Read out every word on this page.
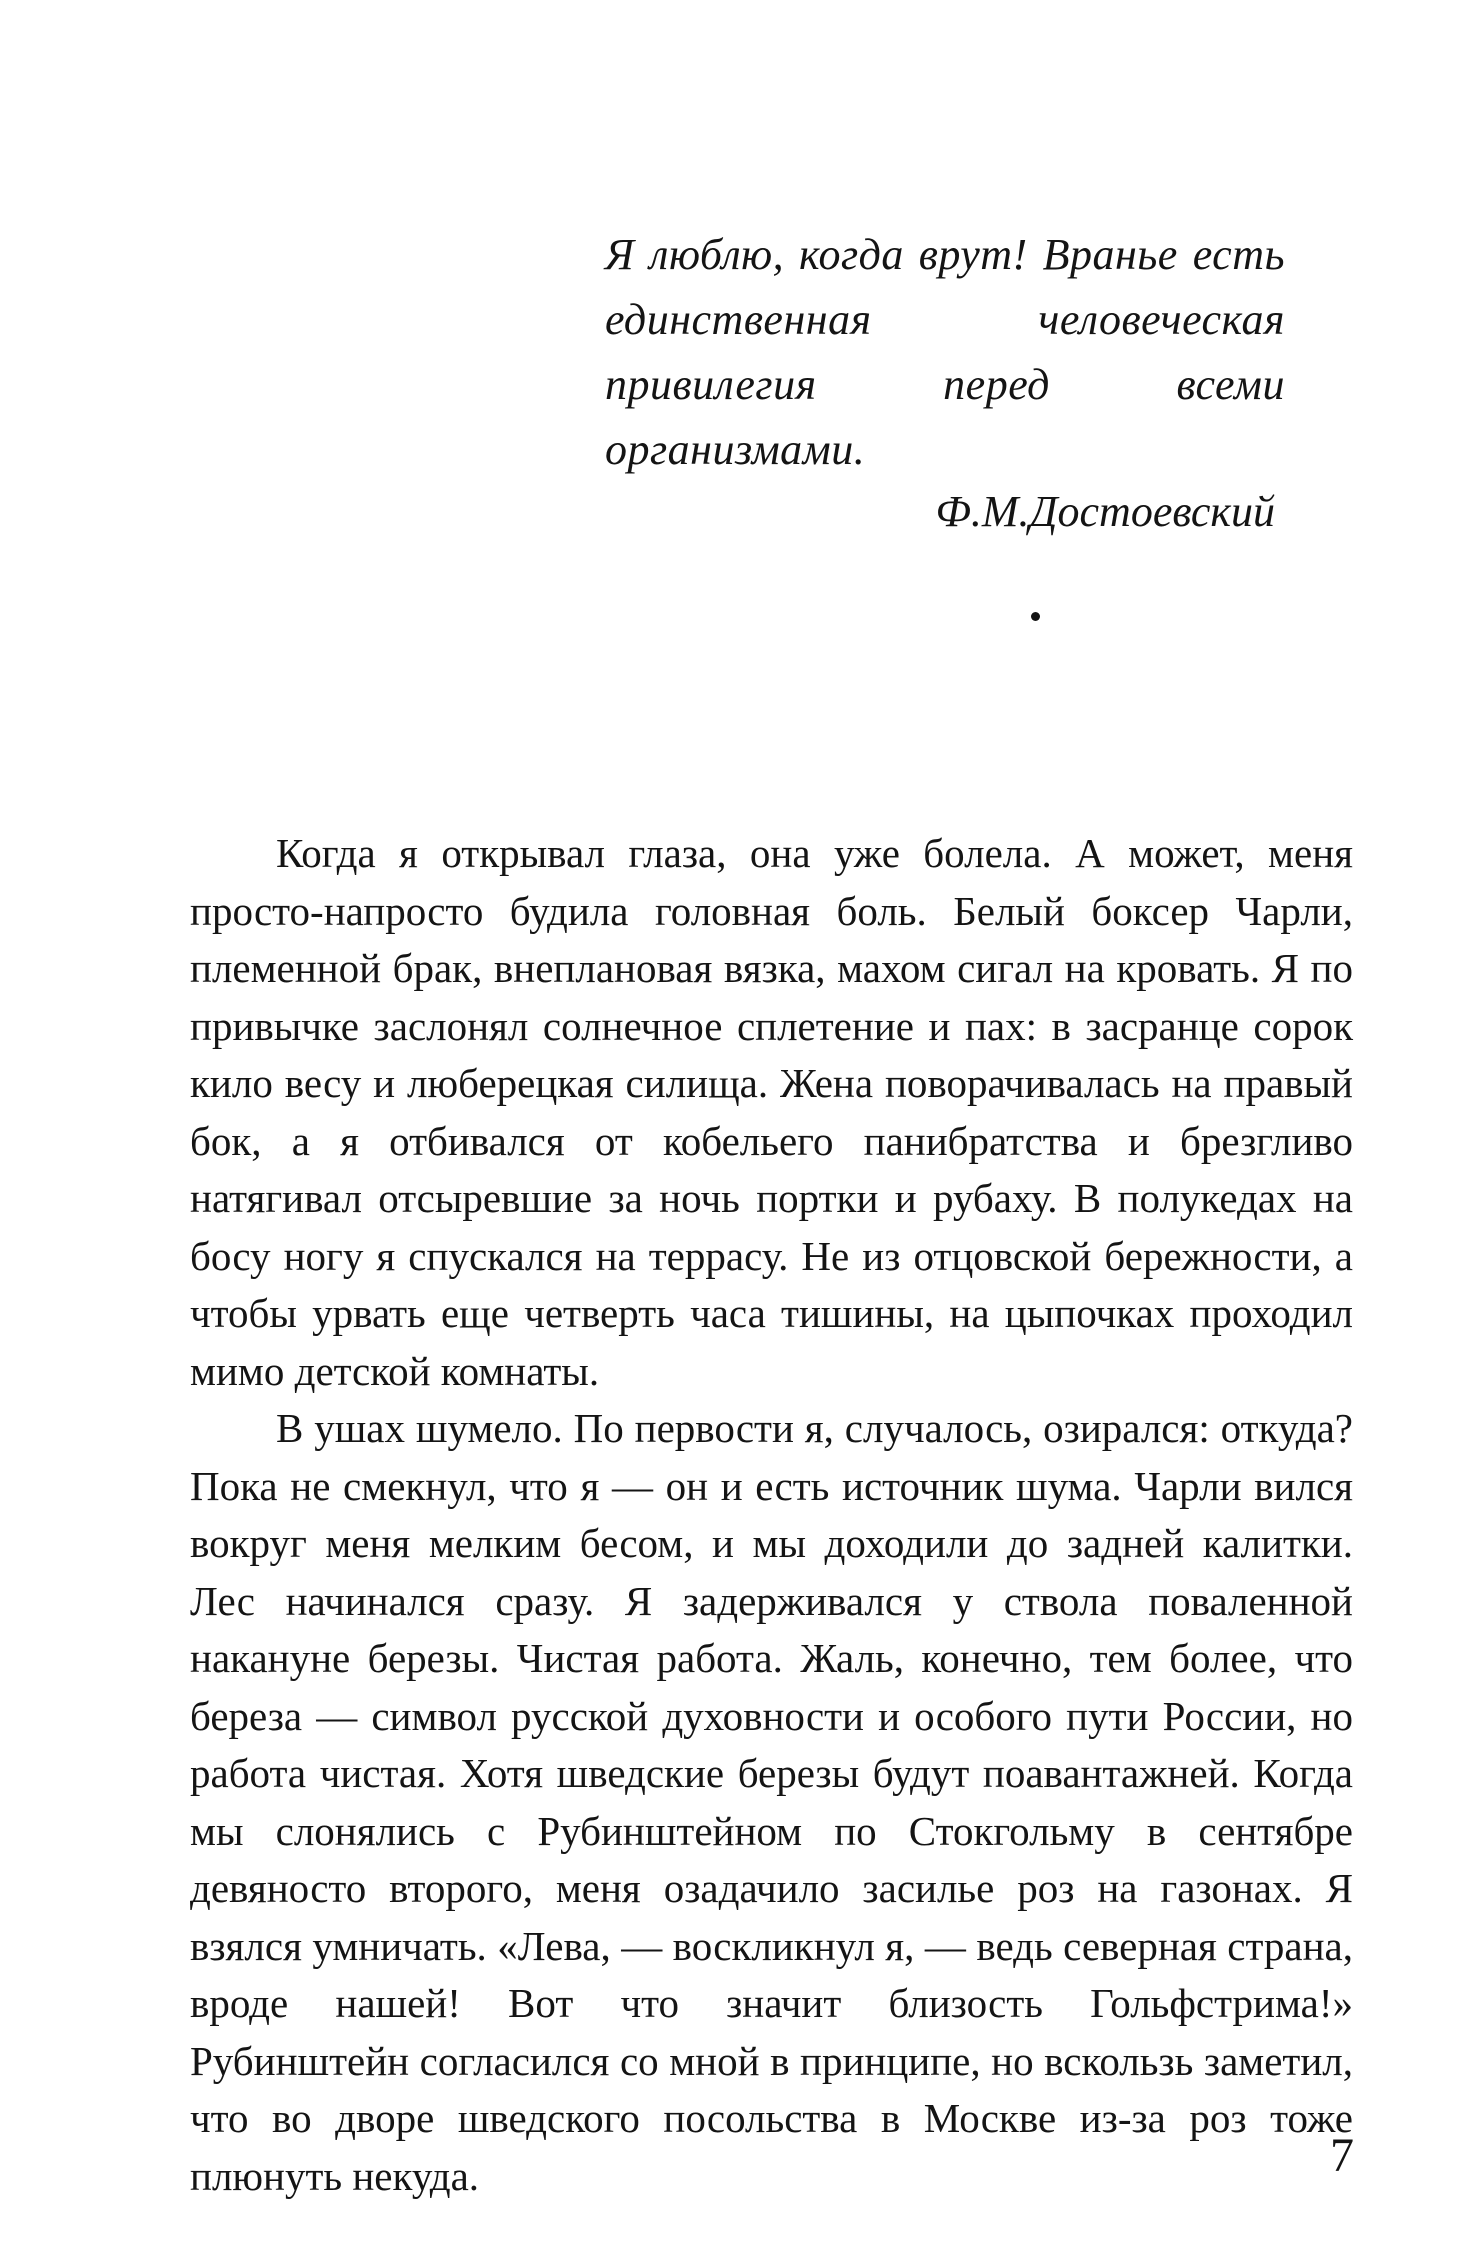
Я люблю, когда врут! Вранье есть единственная человеческая привилегия перед всеми организмами.

Ф.М.Достоевский

Когда я открывал глаза, она уже болела. А может, меня просто-напросто будила головная боль. Белый боксер Чарли, племенной брак, внеплановая вязка, махом сигал на кровать. Я по привычке заслонял солнечное сплетение и пах: в засранце сорок кило весу и люберецкая силища. Жена поворачивалась на правый бок, а я отбивался от кобельего панибратства и брезгливо натягивал отсыревшие за ночь портки и рубаху. В полукедах на босу ногу я спускался на террасу. Не из отцовской бережности, а чтобы урвать еще четверть часа тишины, на цыпочках проходил мимо детской комнаты.

В ушах шумело. По первости я, случалось, озирался: откуда? Пока не смекнул, что я — он и есть источник шума. Чарли вился вокруг меня мелким бесом, и мы доходили до задней калитки. Лес начинался сразу. Я задерживался у ствола поваленной накануне березы. Чистая работа. Жаль, конечно, тем более, что береза — символ русской духовности и особого пути России, но работа чистая. Хотя шведские березы будут поавантажней. Когда мы слонялись с Рубинштейном по Стокгольму в сентябре девяносто второго, меня озадачило засилье роз на газонах. Я взялся умничать. «Лева, — воскликнул я, — ведь северная страна, вроде нашей! Вот что значит близость Гольфстрима!» Рубинштейн согласился со мной в принципе, но вскользь заметил, что во дворе шведского посольства в Москве из-за роз тоже плюнуть некуда.	7
